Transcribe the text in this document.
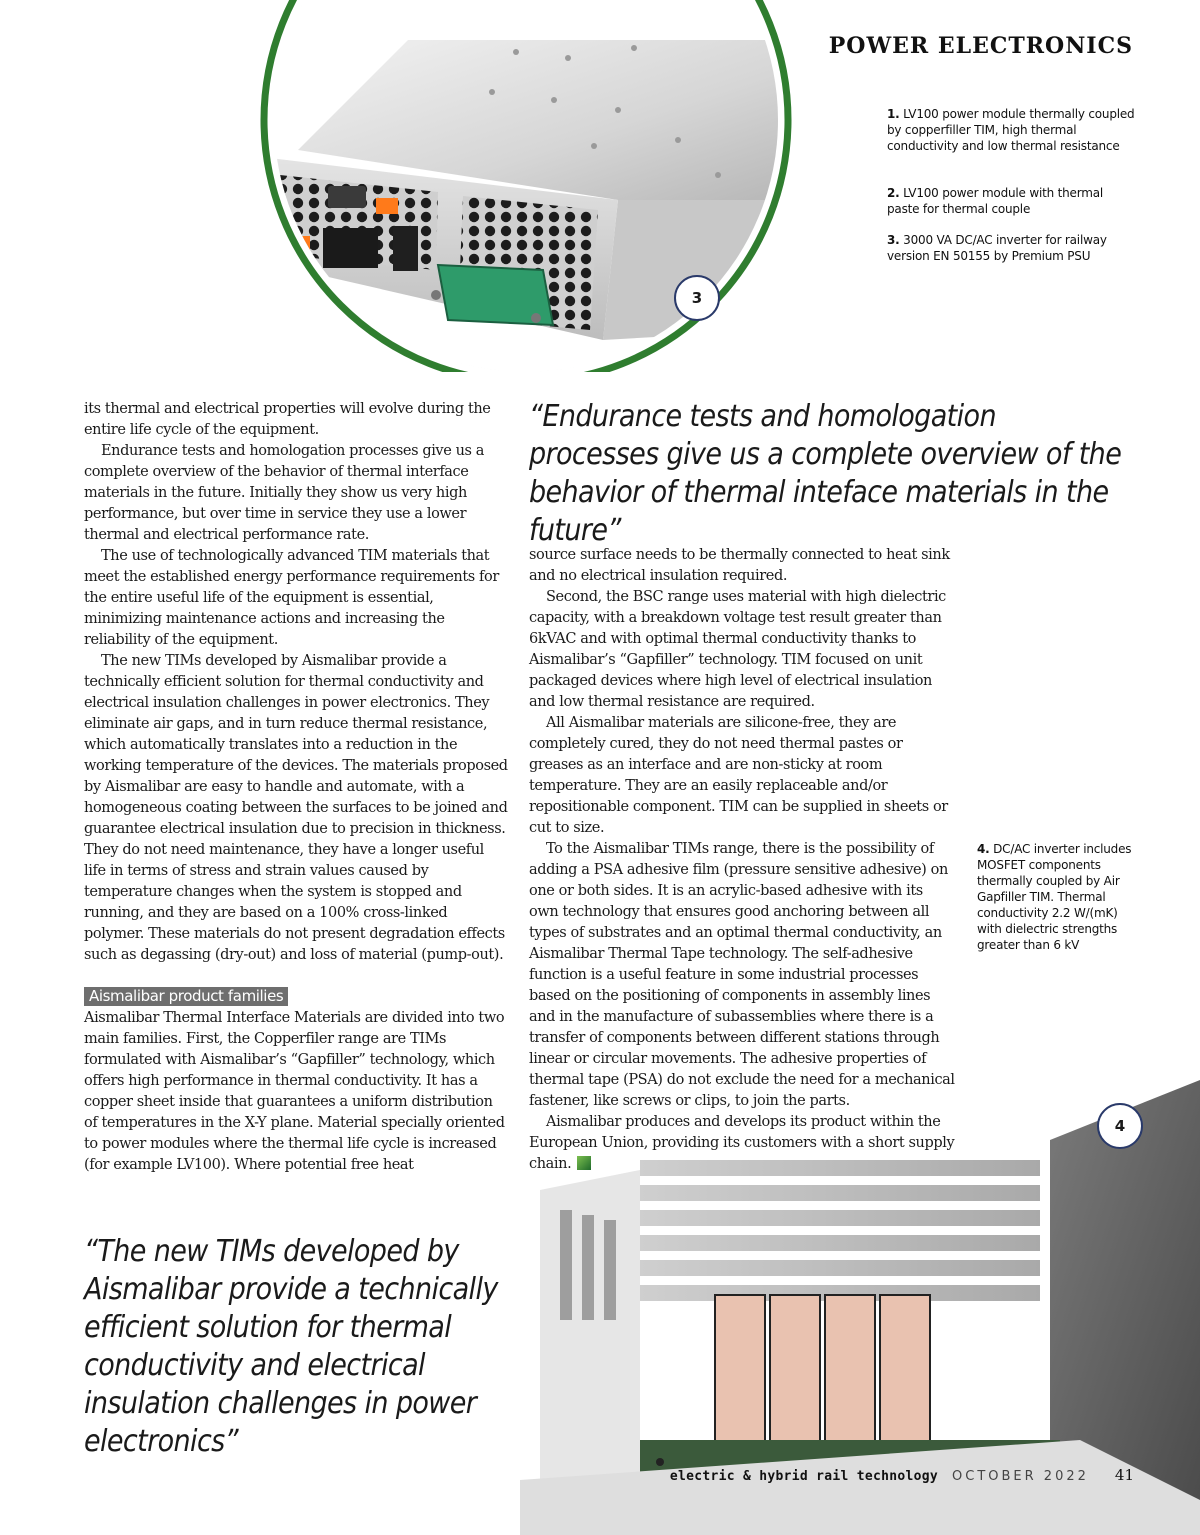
3
POWER ELECTRONICS
1. LV100 power module thermally coupled by copperfiller TIM, high thermal conductivity and low thermal resistance
2. LV100 power module with thermal paste for thermal couple
3. 3000 VA DC/AC inverter for railway version EN 50155 by Premium PSU
4. DC/AC inverter includes MOSFET components thermally coupled by Air Gapfiller TIM. Thermal conductivity 2.2 W/(mK) with dielectric strengths greater than 6 kV
“Endurance tests and homologation processes give us a complete overview of the behavior of thermal inteface materials in the future”
“The new TIMs developed by Aismalibar provide a technically efficient solution for thermal conductivity and electrical insulation challenges in power electronics”

its thermal and electrical properties will evolve during the entire life cycle of the equipment.

Endurance tests and homologation processes give us a complete overview of the behavior of thermal interface materials in the future. Initially they show us very high performance, but over time in service they use a lower thermal and electrical performance rate.

The use of technologically advanced TIM materials that meet the established energy performance requirements for the entire useful life of the equipment is essential, minimizing maintenance actions and increasing the reliability of the equipment.

The new TIMs developed by Aismalibar provide a technically efficient solution for thermal conductivity and electrical insulation challenges in power electronics. They eliminate air gaps, and in turn reduce thermal resistance, which automatically translates into a reduction in the working temperature of the devices. The materials proposed by Aismalibar are easy to handle and automate, with a homogeneous coating between the surfaces to be joined and guarantee electrical insulation due to precision in thickness. They do not need maintenance, they have a longer useful life in terms of stress and strain values caused by temperature changes when the system is stopped and running, and they are based on a 100% cross-linked polymer. These materials do not present degradation effects such as degassing (dry-out) and loss of material (pump-out).

Aismalibar product families

Aismalibar Thermal Interface Materials are divided into two main families. First, the Copperfiler range are TIMs formulated with Aismalibar’s “Gapfiller” technology, which offers high performance in thermal conductivity. It has a copper sheet inside that guarantees a uniform distribution of temperatures in the X-Y plane. Material specially oriented to power modules where the thermal life cycle is increased (for example LV100). Where potential free heat

source surface needs to be thermally connected to heat sink and no electrical insulation required.

Second, the BSC range uses material with high dielectric capacity, with a breakdown voltage test result greater than 6kVAC and with optimal thermal conductivity thanks to Aismalibar’s “Gapfiller” technology. TIM focused on unit packaged devices where high level of electrical insulation and low thermal resistance are required.

All Aismalibar materials are silicone-free, they are completely cured, they do not need thermal pastes or greases as an interface and are non-sticky at room temperature. They are an easily replaceable and/or repositionable component. TIM can be supplied in sheets or cut to size.

To the Aismalibar TIMs range, there is the possibility of adding a PSA adhesive film (pressure sensitive adhesive) on one or both sides. It is an acrylic-based adhesive with its own technology that ensures good anchoring between all types of substrates and an optimal thermal conductivity, an Aismalibar Thermal Tape technology. The self-adhesive function is a useful feature in some industrial processes based on the positioning of components in assembly lines and in the manufacture of subassemblies where there is a transfer of components between different stations through linear or circular movements. The adhesive properties of thermal tape (PSA) do not exclude the need for a mechanical fastener, like screws or clips, to join the parts.

Aismalibar produces and develops its product within the European Union, providing its customers with a short supply chain.

4
electric & hybrid rail technology OCTOBER 2022 41
